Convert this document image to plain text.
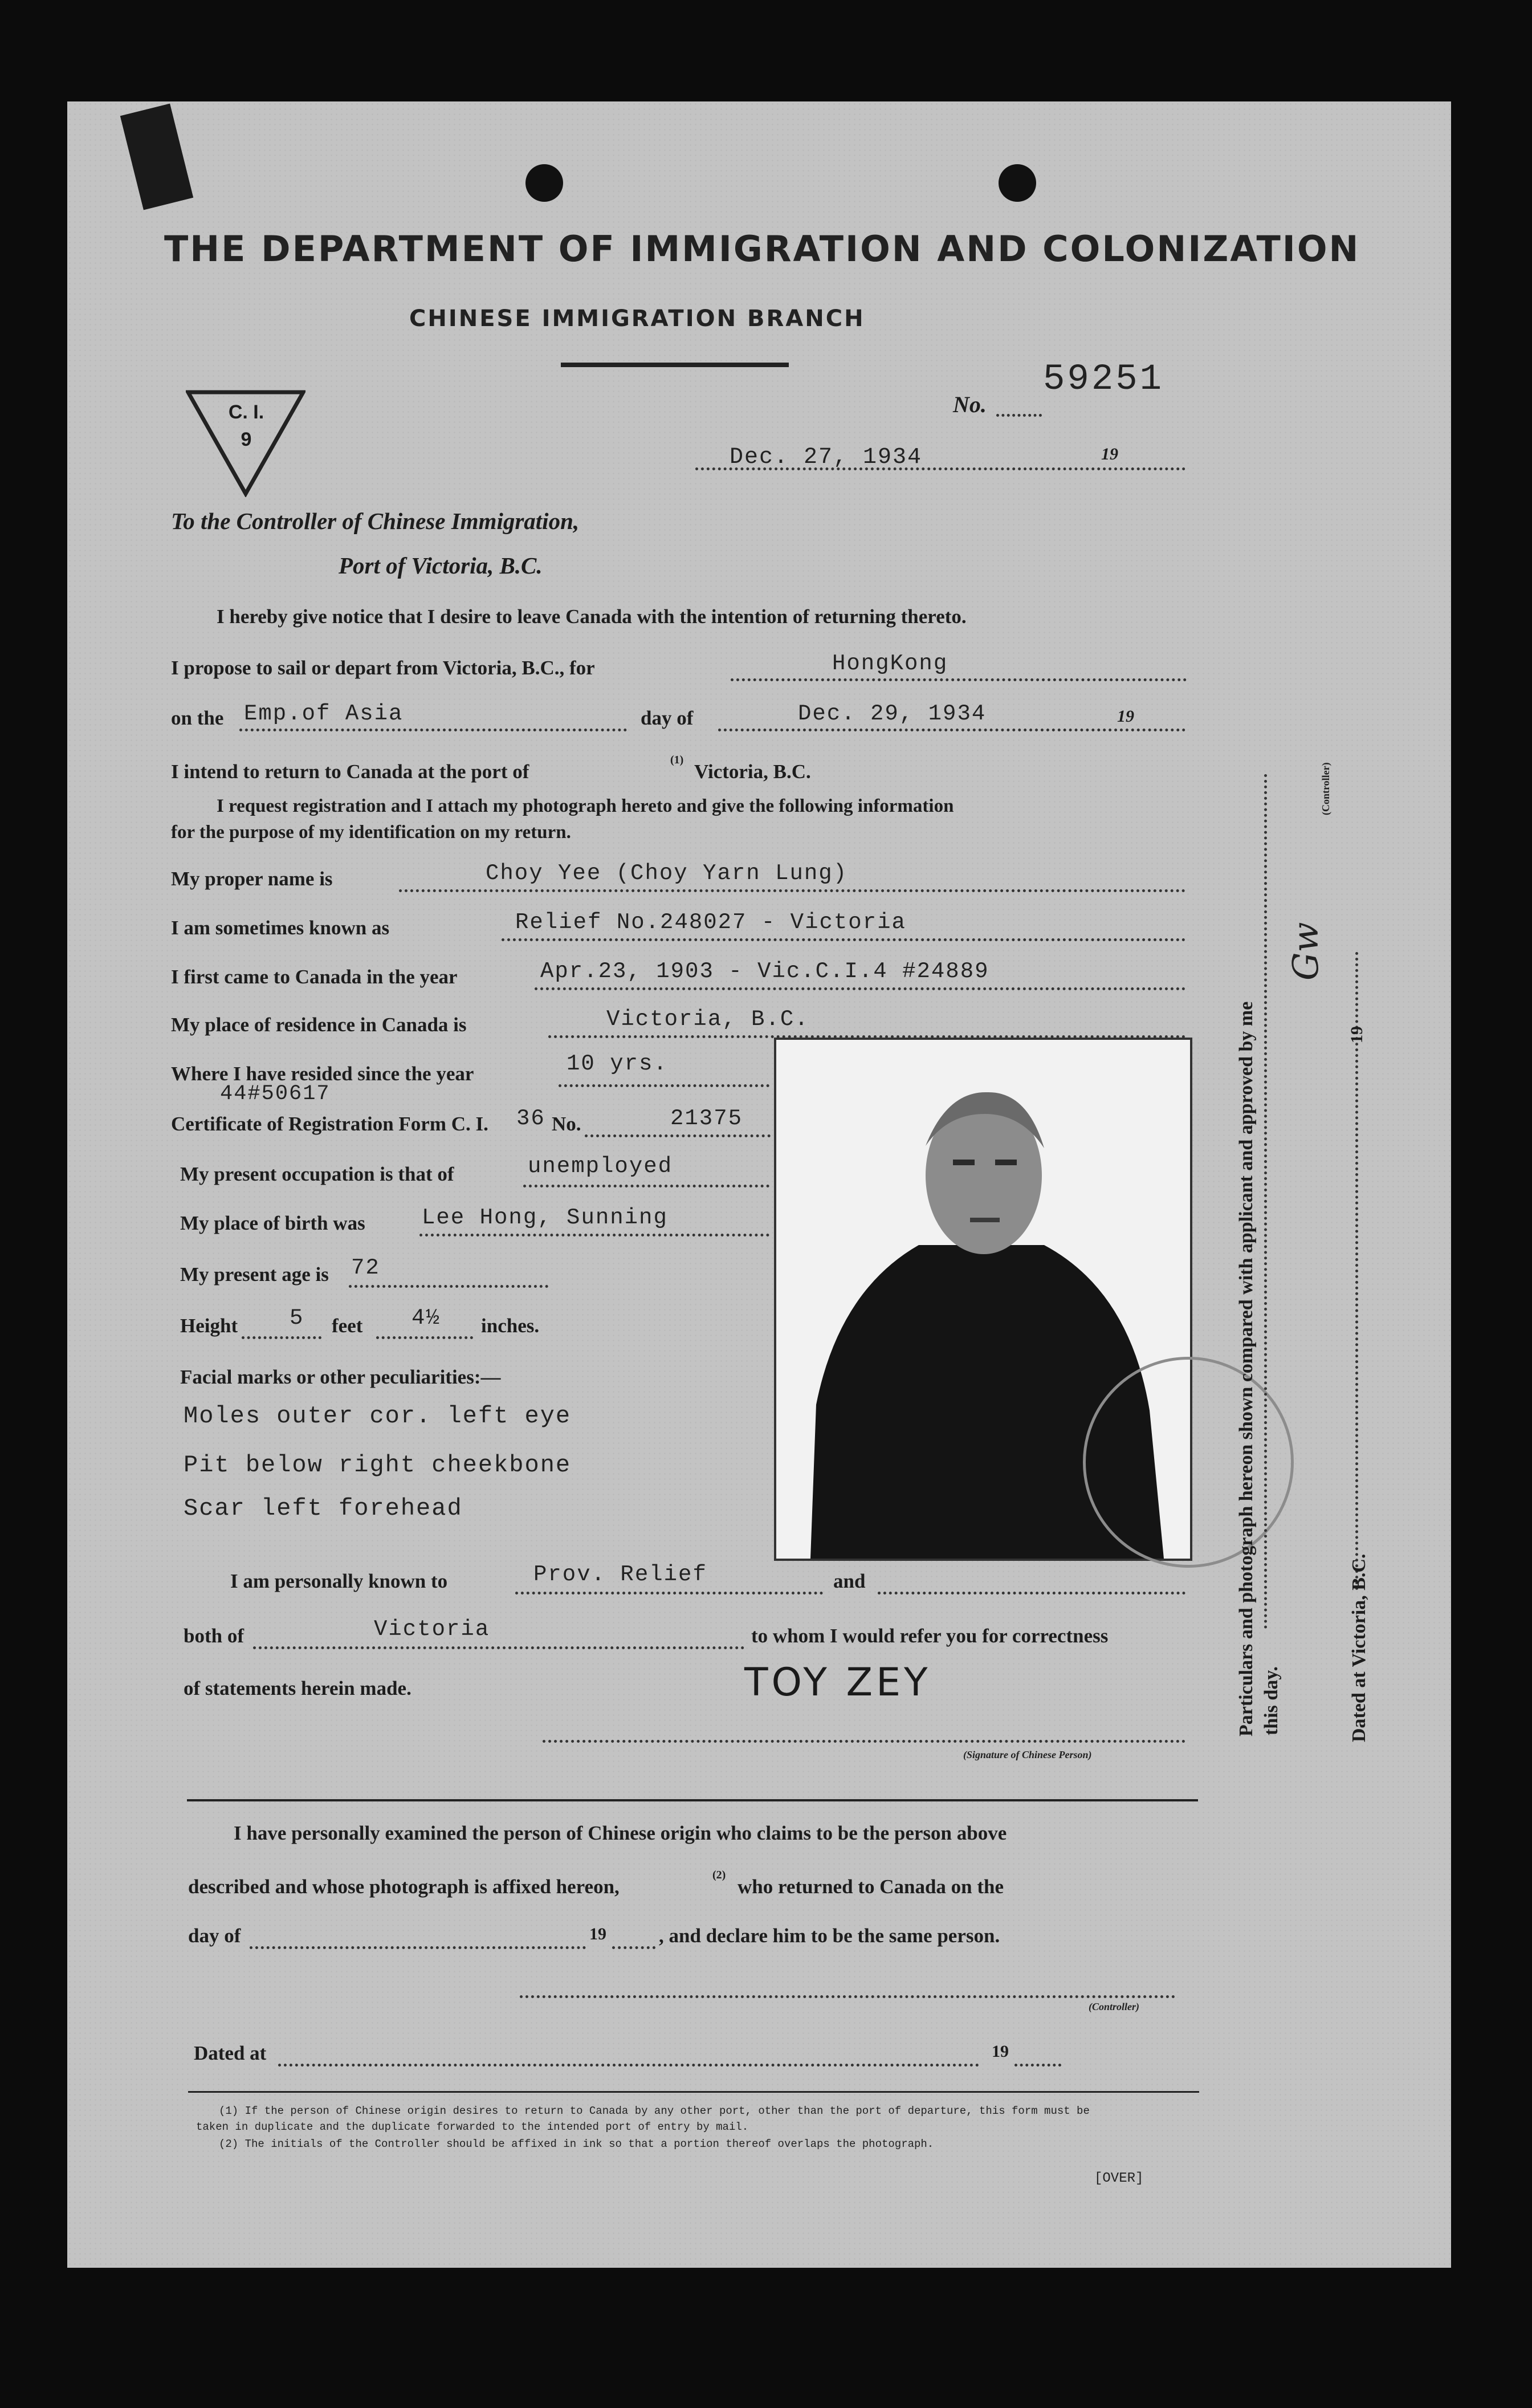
THE DEPARTMENT OF IMMIGRATION AND COLONIZATION
CHINESE IMMIGRATION BRANCH
C. I.
9
No.
59251
Dec. 27, 1934	19
To the Controller of Chinese Immigration,
Port of Victoria, B.C.
I hereby give notice that I desire to leave Canada with the intention of returning thereto.
I propose to sail or depart from Victoria, B.C., for	HongKong
on the Emp.of Asia	day of	Dec. 29, 1934	19
I intend to return to Canada at the port of
(1)
Victoria, B.C.
I request registration and I attach my photograph hereto and give the following information
for the purpose of my identification on my return.
My proper name is	Choy Yee (Choy Yarn Lung)
I am sometimes known as	Relief No.248027 - Victoria
I first came to Canada in the year	Apr.23, 1903 - Vic.C.I.4 #24889
My place of residence in Canada is	Victoria, B.C.
Where I have resided since the year	10 yrs.
44#50617
Certificate of Registration Form C. I. 36 No.	21375
My present occupation is that of	unemployed
My place of birth was	Lee Hong, Sunning
My present age is 72
Height 5 feet 4½ inches.
Facial marks or other peculiarities:—
Moles outer cor. left eye
Pit below right cheekbone
Scar left forehead
I am personally known to	Prov. Relief	and
both of	Victoria	to whom I would refer you for correctness
of statements herein made.	TOY ZEY
(Signature of Chinese Person)
Particulars and photograph hereon shown compared with applicant and approved by me this day.
Gw
(Controller)
19
Dated at Victoria, B.C.
I have personally examined the person of Chinese origin who claims to be the person above
described and whose photograph is affixed hereon,
(2)
who returned to Canada on the
day of	19	, and declare him to be the same person.
(Controller)
Dated at	19
(1) If the person of Chinese origin desires to return to Canada by any other port, other than the port of departure, this form must be
taken in duplicate and the duplicate forwarded to the intended port of entry by mail.
(2) The initials of the Controller should be affixed in ink so that a portion thereof overlaps the photograph.
[OVER]
